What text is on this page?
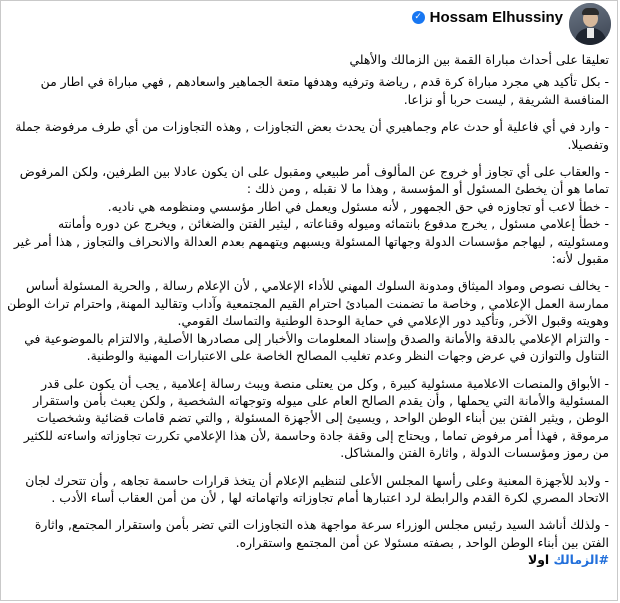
Hossam Elhussiny
✓

تعليقا على أحداث مباراة القمة بين الزمالك والأهلي

- بكل تأكيد هي مجرد مباراة كرة قدم , رياضة وترفيه وهدفها متعة الجماهير واسعادهم , فهي مباراة في اطار من المنافسة الشريفة , ليست حربا أو نزاعا.

- وارد في أي فاعلية أو حدث عام وجماهيري أن يحدث بعض التجاوزات , وهذه التجاوزات من أي طرف مرفوضة جملة وتفصيلا.

- والعقاب على أي تجاوز أو خروج عن المألوف أمر طبيعي ومقبول على ان يكون عادلا بين الطرفين، ولكن المرفوض تماما هو أن يخطئ المسئول أو المؤسسة , وهذا ما لا نقبله , ومن ذلك :
- خطأ لاعب أو تجاوزه في حق الجمهور , لأنه مسئول ويعمل في اطار مؤسسي ومنظومه هي ناديه.
- خطأ إعلامي مسئول , يخرج مدفوع بانتمائه وميوله وقناعاته , ليثير الفتن والضغائن , ويخرج عن دوره وأمانته ومسئوليته , ليهاجم مؤسسات الدولة وجهاتها المسئولة ويسبهم ويتهمهم بعدم العدالة والانحراف والتجاوز , هذا أمر غير مقبول لأنه:

- يخالف نصوص ومواد الميثاق ومدونة السلوك المهني للأداء الإعلامي , لأن الإعلام رسالة , والحرية المسئولة أساس ممارسة العمل الإعلامي , وخاصة ما تضمنت المبادئ احترام القيم المجتمعية وآداب وتقاليد المهنة, واحترام تراث الوطن وهويته وقبول الآخر, وتأكيد دور الإعلامي في حماية الوحدة الوطنية والتماسك القومي.
- والتزام الإعلامي بالدقة والأمانة والصدق وإسناد المعلومات والأخبار إلى مصادرها الأصلية, والالتزام بالموضوعية في التناول والتوازن في عرض وجهات النظر وعدم تغليب المصالح الخاصة على الاعتبارات المهنية والوطنية.

- الأبواق والمنصات الاعلامية مسئولية كبيرة , وكل من يعتلى منصة ويبث رسالة إعلامية , يجب أن يكون على قدر المسئولية والأمانة التي يحملها , وأن يقدم الصالح العام على ميوله وتوجهاته الشخصية , ولكن يعبث بأمن واستقرار الوطن , ويثير الفتن بين أبناء الوطن الواحد , ويسيئ إلى الأجهزة المسئولة , والتي تضم قامات قضائية وشخصيات مرموقة , فهذا أمر مرفوض تماما , ويحتاج إلى وقفة جادة وحاسمة ,لأن هذا الإعلامي تكررت تجاوزاته واساءته للكثير من رموز ومؤسسات الدولة , واثارة الفتن والمشاكل.

- ولابد للأجهزة المعنية وعلى رأسها المجلس الأعلى لتنظيم الإعلام أن يتخذ قرارات حاسمة تجاهه , وأن تتحرك لجان الاتحاد المصري لكرة القدم والرابطة لرد اعتبارها أمام تجاوزاته واتهاماته لها , لأن من أمن العقاب أساء الأدب .

- ولذلك أناشد السيد رئيس مجلس الوزراء سرعة مواجهة هذه التجاوزات التي تضر بأمن واستقرار المجتمع, واثارة الفتن بين أبناء الوطن الواحد , بصفته مسئولا عن أمن المجتمع واستقراره.

#الزمالك اولا
